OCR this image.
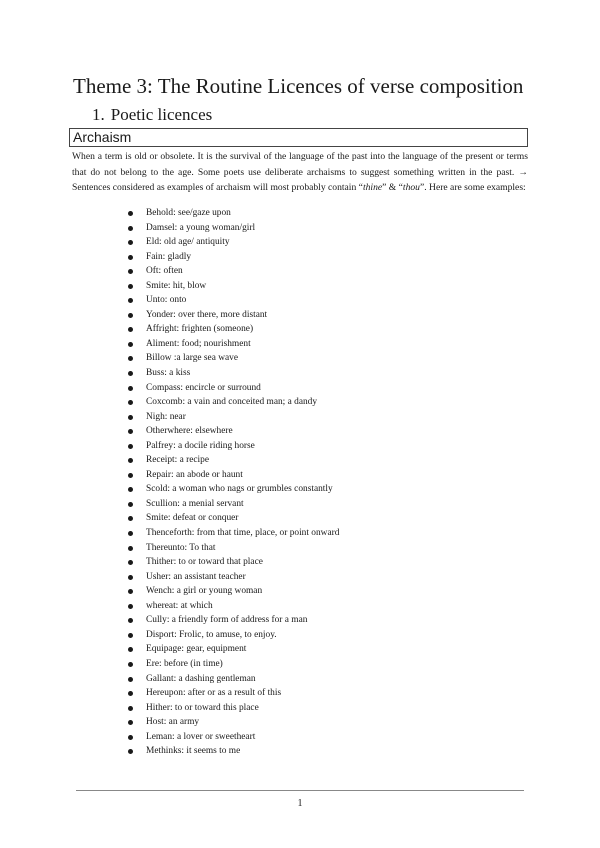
Theme 3: The Routine Licences of verse composition
1. Poetic licences
Archaism

When a term is old or obsolete. It is the survival of the language of the past into the language of the present or terms that do not belong to the age. Some poets use deliberate archaisms to suggest something written in the past. → Sentences considered as examples of archaism will most probably contain “thine” & “thou”. Here are some examples:

Behold: see/gaze upon
Damsel: a young woman/girl
Eld: old age/ antiquity
Fain: gladly
Oft: often
Smite: hit, blow
Unto: onto
Yonder: over there, more distant
Affright: frighten (someone)
Aliment: food; nourishment
Billow :a large sea wave
Buss: a kiss
Compass: encircle or surround
Coxcomb: a vain and conceited man; a dandy
Nigh: near
Otherwhere: elsewhere
Palfrey: a docile riding horse
Receipt: a recipe
Repair: an abode or haunt
Scold: a woman who nags or grumbles constantly
Scullion: a menial servant
Smite: defeat or conquer
Thenceforth: from that time, place, or point onward
Thereunto: To that
Thither: to or toward that place
Usher: an assistant teacher
Wench: a girl or young woman
whereat: at which
Cully: a friendly form of address for a man
Disport: Frolic, to amuse, to enjoy.
Equipage: gear, equipment
Ere: before (in time)
Gallant: a dashing gentleman
Hereupon: after or as a result of this
Hither: to or toward this place
Host: an army
Leman: a lover or sweetheart
Methinks: it seems to me
1
